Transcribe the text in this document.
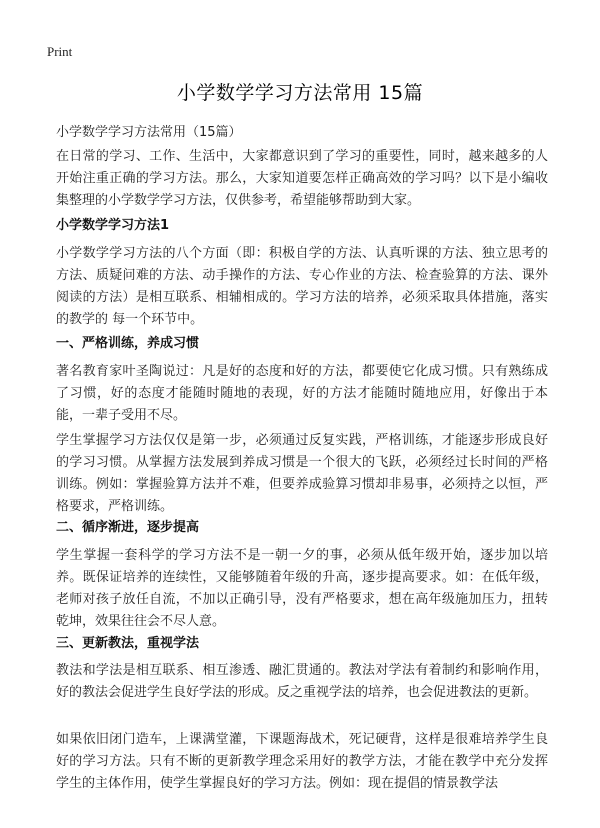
Print
小学数学学习方法常用 15篇
小学数学学习方法常用（15篇）

在日常的学习、工作、生活中，大家都意识到了学习的重要性，同时，越来越多的人开始注重正确的学习方法。那么，大家知道要怎样正确高效的学习吗？以下是小编收集整理的小学数学学习方法，仅供参考，希望能够帮助到大家。

小学数学学习方法1

小学数学学习方法的八个方面（即：积极自学的方法、认真听课的方法、独立思考的方法、质疑问难的方法、动手操作的方法、专心作业的方法、检查验算的方法、课外阅读的方法）是相互联系、相辅相成的。学习方法的培养，必须采取具体措施，落实的教学的 每一个环节中。

一、严格训练，养成习惯

著名教育家叶圣陶说过：凡是好的态度和好的方法，都要使它化成习惯。只有熟练成了习惯，好的态度才能随时随地的表现，好的方法才能随时随地应用，好像出于本能，一辈子受用不尽。

学生掌握学习方法仅仅是第一步，必须通过反复实践，严格训练，才能逐步形成良好的学习习惯。从掌握方法发展到养成习惯是一个很大的飞跃，必须经过长时间的严格训练。例如：掌握验算方法并不难，但要养成验算习惯却非易事，必须持之以恒，严格要求，严格训练。

二、循序渐进，逐步提高

学生掌握一套科学的学习方法不是一朝一夕的事，必须从低年级开始，逐步加以培养。既保证培养的连续性，又能够随着年级的升高，逐步提高要求。如：在低年级，老师对孩子放任自流，不加以正确引导，没有严格要求，想在高年级施加压力，扭转乾坤，效果往往会不尽人意。

三、更新教法，重视学法

教法和学法是相互联系、相互渗透、融汇贯通的。教法对学法有着制约和影响作用，好的教法会促进学生良好学法的形成。反之重视学法的培养，也会促进教法的更新。

如果依旧闭门造车，上课满堂灌，下课题海战术，死记硬背，这样是很难培养学生良好的学习方法。只有不断的更新教学理念采用好的教学方法，才能在教学中充分发挥学生的主体作用，使学生掌握良好的学习方法。例如：现在提倡的情景教学法
